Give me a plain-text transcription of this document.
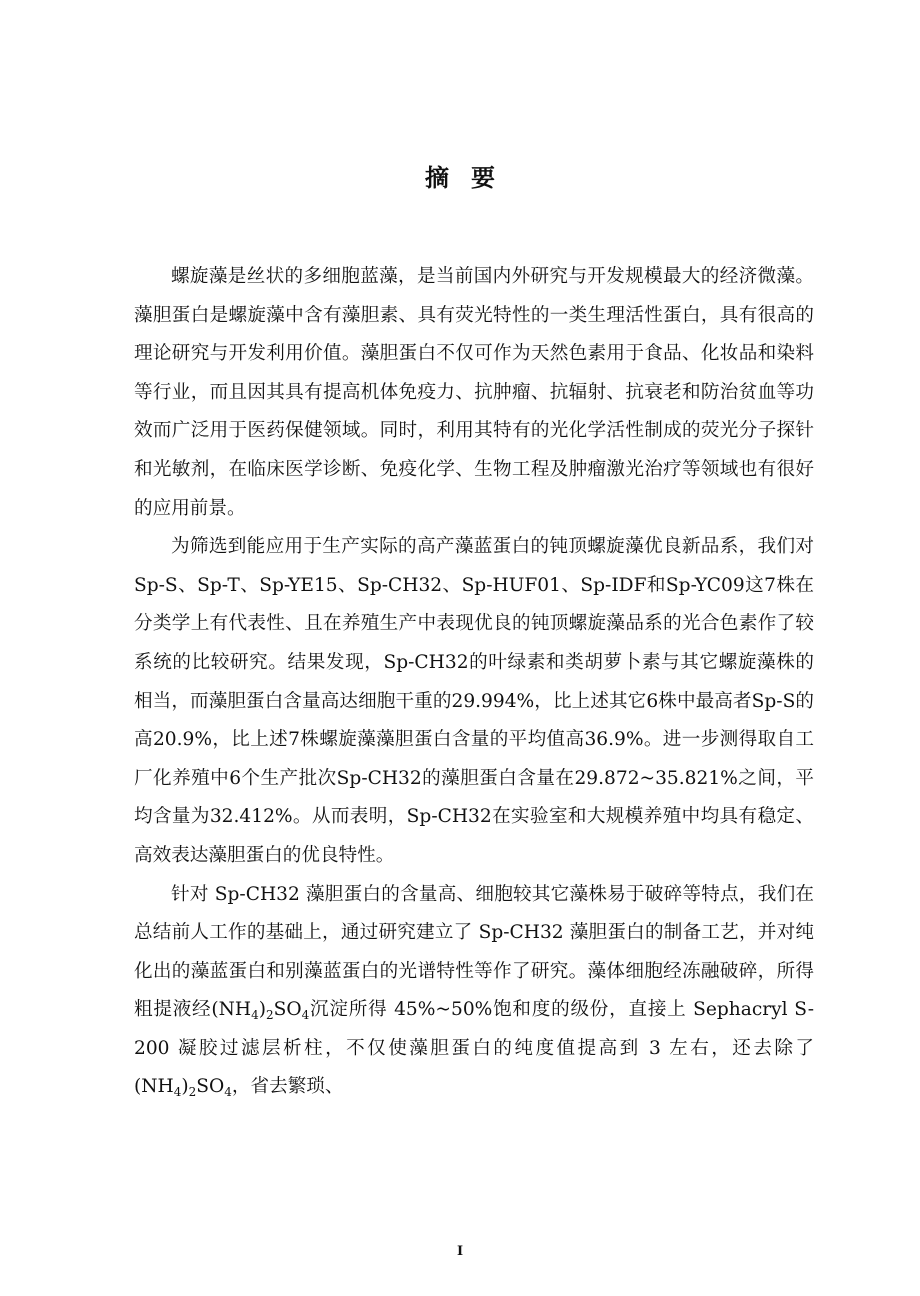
摘要

螺旋藻是丝状的多细胞蓝藻，是当前国内外研究与开发规模最大的经济微藻。藻胆蛋白是螺旋藻中含有藻胆素、具有荧光特性的一类生理活性蛋白，具有很高的理论研究与开发利用价值。藻胆蛋白不仅可作为天然色素用于食品、化妆品和染料等行业，而且因其具有提高机体免疫力、抗肿瘤、抗辐射、抗衰老和防治贫血等功效而广泛用于医药保健领域。同时，利用其特有的光化学活性制成的荧光分子探针和光敏剂，在临床医学诊断、免疫化学、生物工程及肿瘤激光治疗等领域也有很好的应用前景。

为筛选到能应用于生产实际的高产藻蓝蛋白的钝顶螺旋藻优良新品系，我们对Sp-S、Sp-T、Sp-YE15、Sp-CH32、Sp-HUF01、Sp-IDF和Sp-YC09这7株在分类学上有代表性、且在养殖生产中表现优良的钝顶螺旋藻品系的光合色素作了较系统的比较研究。结果发现，Sp-CH32的叶绿素和类胡萝卜素与其它螺旋藻株的相当，而藻胆蛋白含量高达细胞干重的29.994%，比上述其它6株中最高者Sp-S的高20.9%，比上述7株螺旋藻藻胆蛋白含量的平均值高36.9%。进一步测得取自工厂化养殖中6个生产批次Sp-CH32的藻胆蛋白含量在29.872~35.821%之间，平均含量为32.412%。从而表明，Sp-CH32在实验室和大规模养殖中均具有稳定、高效表达藻胆蛋白的优良特性。

针对 Sp-CH32 藻胆蛋白的含量高、细胞较其它藻株易于破碎等特点，我们在总结前人工作的基础上，通过研究建立了 Sp-CH32 藻胆蛋白的制备工艺，并对纯化出的藻蓝蛋白和别藻蓝蛋白的光谱特性等作了研究。藻体细胞经冻融破碎，所得粗提液经$(NH_4)_2SO_4$沉淀所得 45%~50%饱和度的级份，直接上 Sephacryl S-200 凝胶过滤层析柱，不仅使藻胆蛋白的纯度值提高到 3 左右，还去除了$(NH_4)_2SO_4$，省去繁琐、

I
